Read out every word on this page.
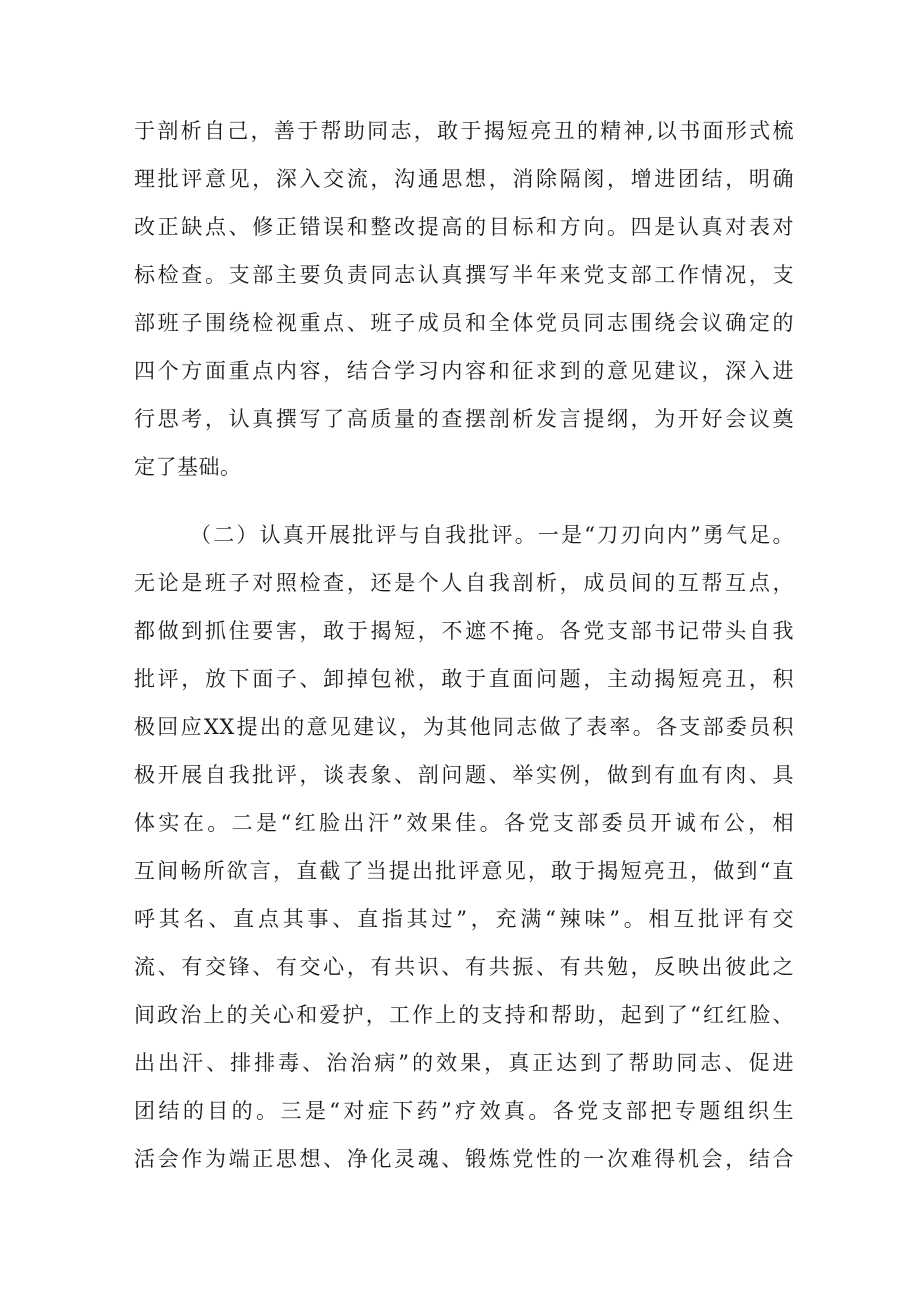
于剖析自己，善于帮助同志，敢于揭短亮丑的精神,以书面形式梳
理批评意见，深入交流，沟通思想，消除隔阂，增进团结，明确
改正缺点、修正错误和整改提高的目标和方向。四是认真对表对
标检查。支部主要负责同志认真撰写半年来党支部工作情况，支
部班子围绕检视重点、班子成员和全体党员同志围绕会议确定的
四个方面重点内容，结合学习内容和征求到的意见建议，深入进
行思考，认真撰写了高质量的查摆剖析发言提纲，为开好会议奠
定了基础。
（二）认真开展批评与自我批评。一是“刀刃向内”勇气足。
无论是班子对照检查，还是个人自我剖析，成员间的互帮互点，
都做到抓住要害，敢于揭短，不遮不掩。各党支部书记带头自我
批评，放下面子、卸掉包袱，敢于直面问题，主动揭短亮丑，积
极回应XX提出的意见建议，为其他同志做了表率。各支部委员积
极开展自我批评，谈表象、剖问题、举实例，做到有血有肉、具
体实在。二是“红脸出汗”效果佳。各党支部委员开诚布公，相
互间畅所欲言，直截了当提出批评意见，敢于揭短亮丑，做到“直
呼其名、直点其事、直指其过”，充满“辣味”。相互批评有交
流、有交锋、有交心，有共识、有共振、有共勉，反映出彼此之
间政治上的关心和爱护，工作上的支持和帮助，起到了“红红脸、
出出汗、排排毒、治治病”的效果，真正达到了帮助同志、促进
团结的目的。三是“对症下药”疗效真。各党支部把专题组织生
活会作为端正思想、净化灵魂、锻炼党性的一次难得机会，结合
